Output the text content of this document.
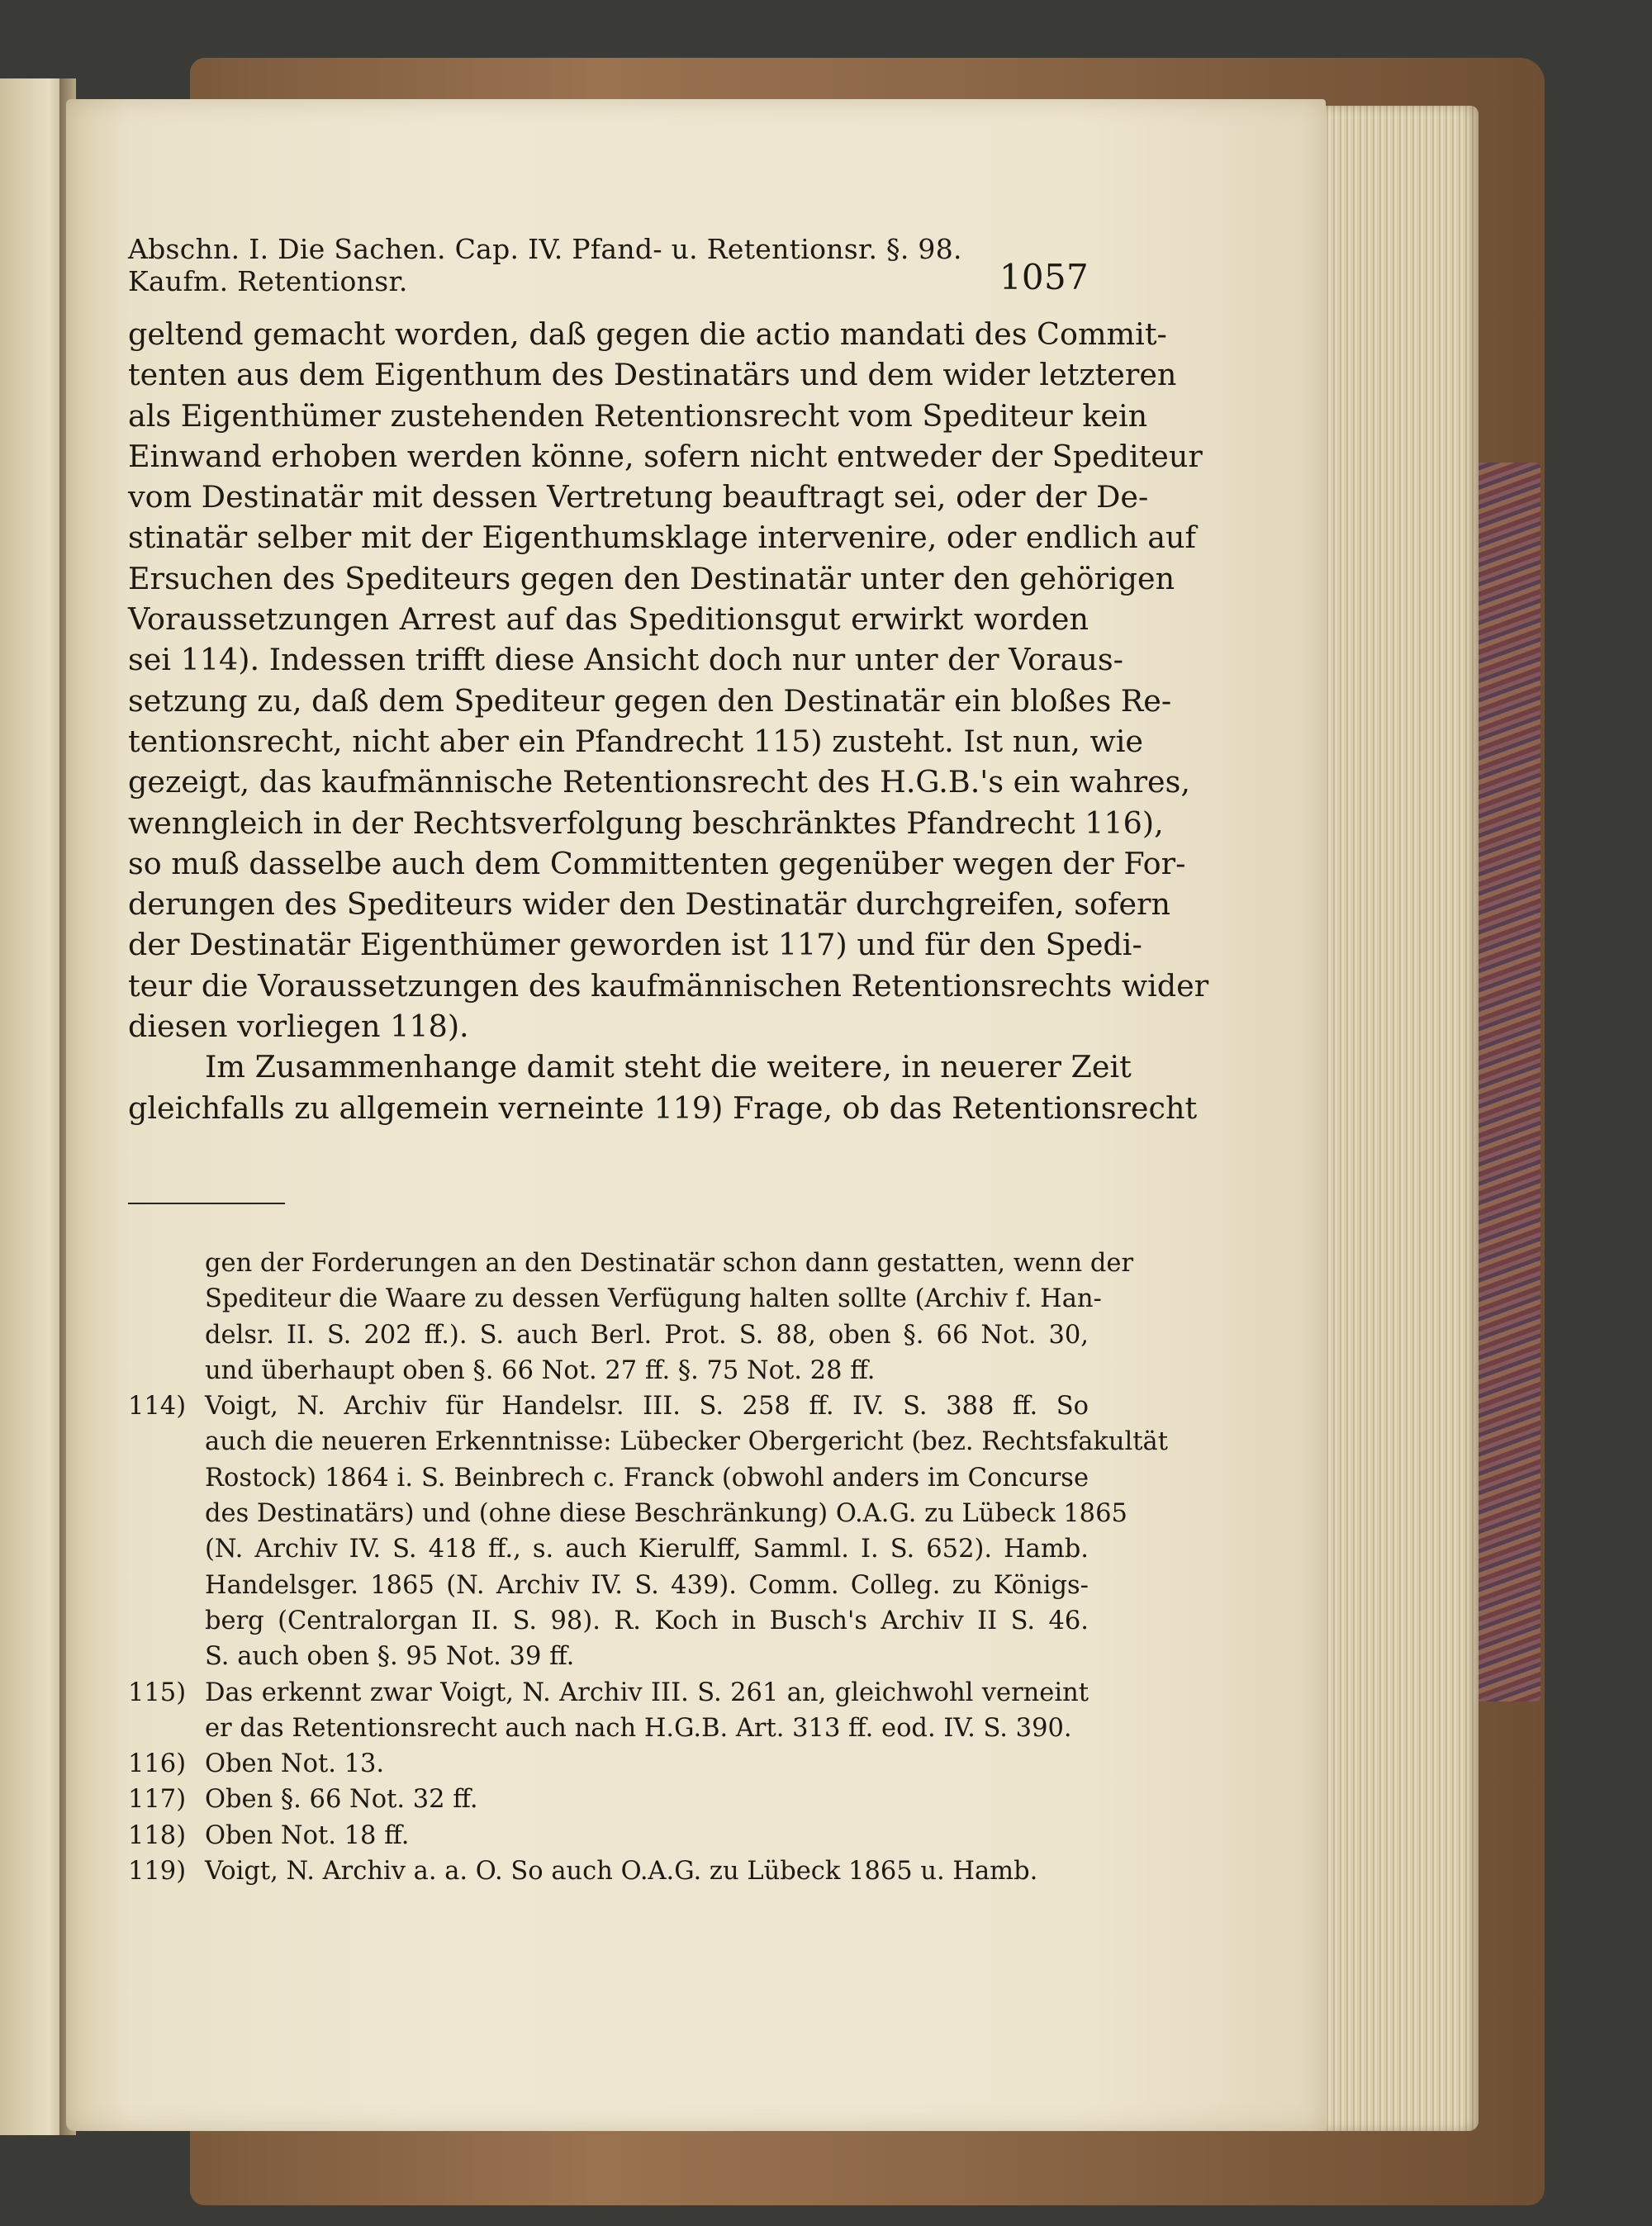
Abschn. I. Die Sachen. Cap. IV. Pfand- u. Retentionsr. §. 98. Kaufm. Retentionsr.	1057
geltend gemacht worden, daß gegen die actio mandati des Commit-
tenten aus dem Eigenthum des Destinatärs und dem wider letzteren
als Eigenthümer zustehenden Retentionsrecht vom Spediteur kein
Einwand erhoben werden könne, sofern nicht entweder der Spediteur
vom Destinatär mit dessen Vertretung beauftragt sei, oder der De-
stinatär selber mit der Eigenthumsklage intervenire, oder endlich auf
Ersuchen des Spediteurs gegen den Destinatär unter den gehörigen
Voraussetzungen Arrest auf das Speditionsgut erwirkt worden
sei 114). Indessen trifft diese Ansicht doch nur unter der Voraus-
setzung zu, daß dem Spediteur gegen den Destinatär ein bloßes Re-
tentionsrecht, nicht aber ein Pfandrecht 115) zusteht. Ist nun, wie
gezeigt, das kaufmännische Retentionsrecht des H.G.B.'s ein wahres,
wenngleich in der Rechtsverfolgung beschränktes Pfandrecht 116),
so muß dasselbe auch dem Committenten gegenüber wegen der For-
derungen des Spediteurs wider den Destinatär durchgreifen, sofern
der Destinatär Eigenthümer geworden ist 117) und für den Spedi-
teur die Voraussetzungen des kaufmännischen Retentionsrechts wider
diesen vorliegen 118).
Im Zusammenhange damit steht die weitere, in neuerer Zeit
gleichfalls zu allgemein verneinte 119) Frage, ob das Retentionsrecht
gen der Forderungen an den Destinatär schon dann gestatten, wenn der
Spediteur die Waare zu dessen Verfügung halten sollte (Archiv f. Han-
delsr. II. S. 202 ff.). S. auch Berl. Prot. S. 88, oben §. 66 Not. 30,
und überhaupt oben §. 66 Not. 27 ff. §. 75 Not. 28 ff.
114) Voigt, N. Archiv für Handelsr. III. S. 258 ff. IV. S. 388 ff. So
auch die neueren Erkenntnisse: Lübecker Obergericht (bez. Rechtsfakultät
Rostock) 1864 i. S. Beinbrech c. Franck (obwohl anders im Concurse
des Destinatärs) und (ohne diese Beschränkung) O.A.G. zu Lübeck 1865
(N. Archiv IV. S. 418 ff., s. auch Kierulff, Samml. I. S. 652). Hamb.
Handelsger. 1865 (N. Archiv IV. S. 439). Comm. Colleg. zu Königs-
berg (Centralorgan II. S. 98). R. Koch in Busch's Archiv II S. 46.
S. auch oben §. 95 Not. 39 ff.
115) Das erkennt zwar Voigt, N. Archiv III. S. 261 an, gleichwohl verneint
er das Retentionsrecht auch nach H.G.B. Art. 313 ff. eod. IV. S. 390.
116) Oben Not. 13.
117) Oben §. 66 Not. 32 ff.
118) Oben Not. 18 ff.
119) Voigt, N. Archiv a. a. O. So auch O.A.G. zu Lübeck 1865 u. Hamb.
